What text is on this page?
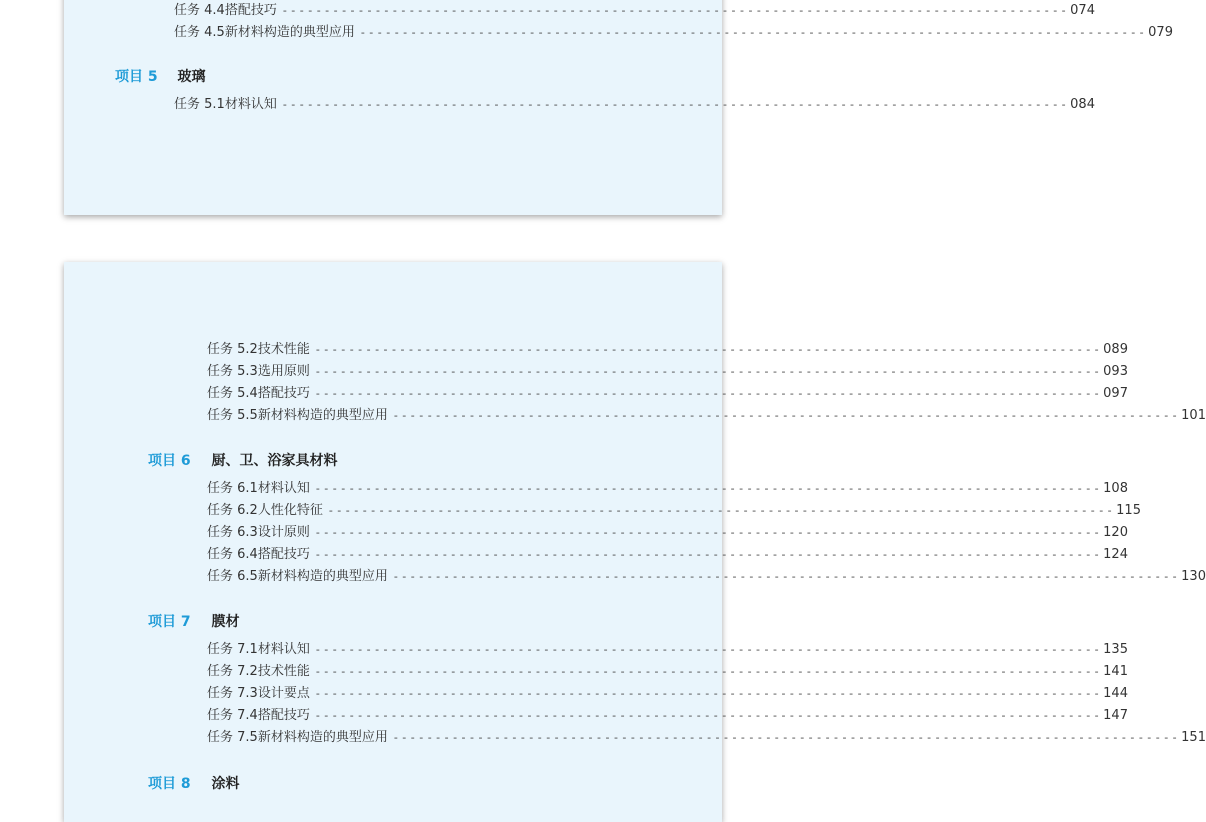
任务 4.4 搭配技巧 - - - - - - - - - - - - - - - - - - - - - - - - - - - - - - - - - - - - - - - - - - - - - - - - - - - - - - - - - - - - - - - - - - - - - - - - - - - - - - - - - - - - - - - - - - - - - 074
任务 4.5 新材料构造的典型应用 - - - - - - - - - - - - - - - - - - - - - - - - - - - - - - - - - - - - - - - - - - - - - - - - - - - - - - - - - - - - - - - - - - - - - - - - - - - - - - - - - - - - - - - - - - - - - 079
项目 5 玻璃
任务 5.1 材料认知 - - - - - - - - - - - - - - - - - - - - - - - - - - - - - - - - - - - - - - - - - - - - - - - - - - - - - - - - - - - - - - - - - - - - - - - - - - - - - - - - - - - - - - - - - - - - - 084
任务 5.2 技术性能 - - - - - - - - - - - - - - - - - - - - - - - - - - - - - - - - - - - - - - - - - - - - - - - - - - - - - - - - - - - - - - - - - - - - - - - - - - - - - - - - - - - - - - - - - - - - - 089
任务 5.3 选用原则 - - - - - - - - - - - - - - - - - - - - - - - - - - - - - - - - - - - - - - - - - - - - - - - - - - - - - - - - - - - - - - - - - - - - - - - - - - - - - - - - - - - - - - - - - - - - - 093
任务 5.4 搭配技巧 - - - - - - - - - - - - - - - - - - - - - - - - - - - - - - - - - - - - - - - - - - - - - - - - - - - - - - - - - - - - - - - - - - - - - - - - - - - - - - - - - - - - - - - - - - - - - 097
任务 5.5 新材料构造的典型应用 - - - - - - - - - - - - - - - - - - - - - - - - - - - - - - - - - - - - - - - - - - - - - - - - - - - - - - - - - - - - - - - - - - - - - - - - - - - - - - - - - - - - - - - - - - - - - 101
项目 6 厨、卫、浴家具材料
任务 6.1 材料认知 - - - - - - - - - - - - - - - - - - - - - - - - - - - - - - - - - - - - - - - - - - - - - - - - - - - - - - - - - - - - - - - - - - - - - - - - - - - - - - - - - - - - - - - - - - - - - 108
任务 6.2 人性化特征 - - - - - - - - - - - - - - - - - - - - - - - - - - - - - - - - - - - - - - - - - - - - - - - - - - - - - - - - - - - - - - - - - - - - - - - - - - - - - - - - - - - - - - - - - - - - - 115
任务 6.3 设计原则 - - - - - - - - - - - - - - - - - - - - - - - - - - - - - - - - - - - - - - - - - - - - - - - - - - - - - - - - - - - - - - - - - - - - - - - - - - - - - - - - - - - - - - - - - - - - - 120
任务 6.4 搭配技巧 - - - - - - - - - - - - - - - - - - - - - - - - - - - - - - - - - - - - - - - - - - - - - - - - - - - - - - - - - - - - - - - - - - - - - - - - - - - - - - - - - - - - - - - - - - - - - 124
任务 6.5 新材料构造的典型应用 - - - - - - - - - - - - - - - - - - - - - - - - - - - - - - - - - - - - - - - - - - - - - - - - - - - - - - - - - - - - - - - - - - - - - - - - - - - - - - - - - - - - - - - - - - - - - 130
项目 7 膜材
任务 7.1 材料认知 - - - - - - - - - - - - - - - - - - - - - - - - - - - - - - - - - - - - - - - - - - - - - - - - - - - - - - - - - - - - - - - - - - - - - - - - - - - - - - - - - - - - - - - - - - - - - 135
任务 7.2 技术性能 - - - - - - - - - - - - - - - - - - - - - - - - - - - - - - - - - - - - - - - - - - - - - - - - - - - - - - - - - - - - - - - - - - - - - - - - - - - - - - - - - - - - - - - - - - - - - 141
任务 7.3 设计要点 - - - - - - - - - - - - - - - - - - - - - - - - - - - - - - - - - - - - - - - - - - - - - - - - - - - - - - - - - - - - - - - - - - - - - - - - - - - - - - - - - - - - - - - - - - - - - 144
任务 7.4 搭配技巧 - - - - - - - - - - - - - - - - - - - - - - - - - - - - - - - - - - - - - - - - - - - - - - - - - - - - - - - - - - - - - - - - - - - - - - - - - - - - - - - - - - - - - - - - - - - - - 147
任务 7.5 新材料构造的典型应用 - - - - - - - - - - - - - - - - - - - - - - - - - - - - - - - - - - - - - - - - - - - - - - - - - - - - - - - - - - - - - - - - - - - - - - - - - - - - - - - - - - - - - - - - - - - - - 151
项目 8 涂料
